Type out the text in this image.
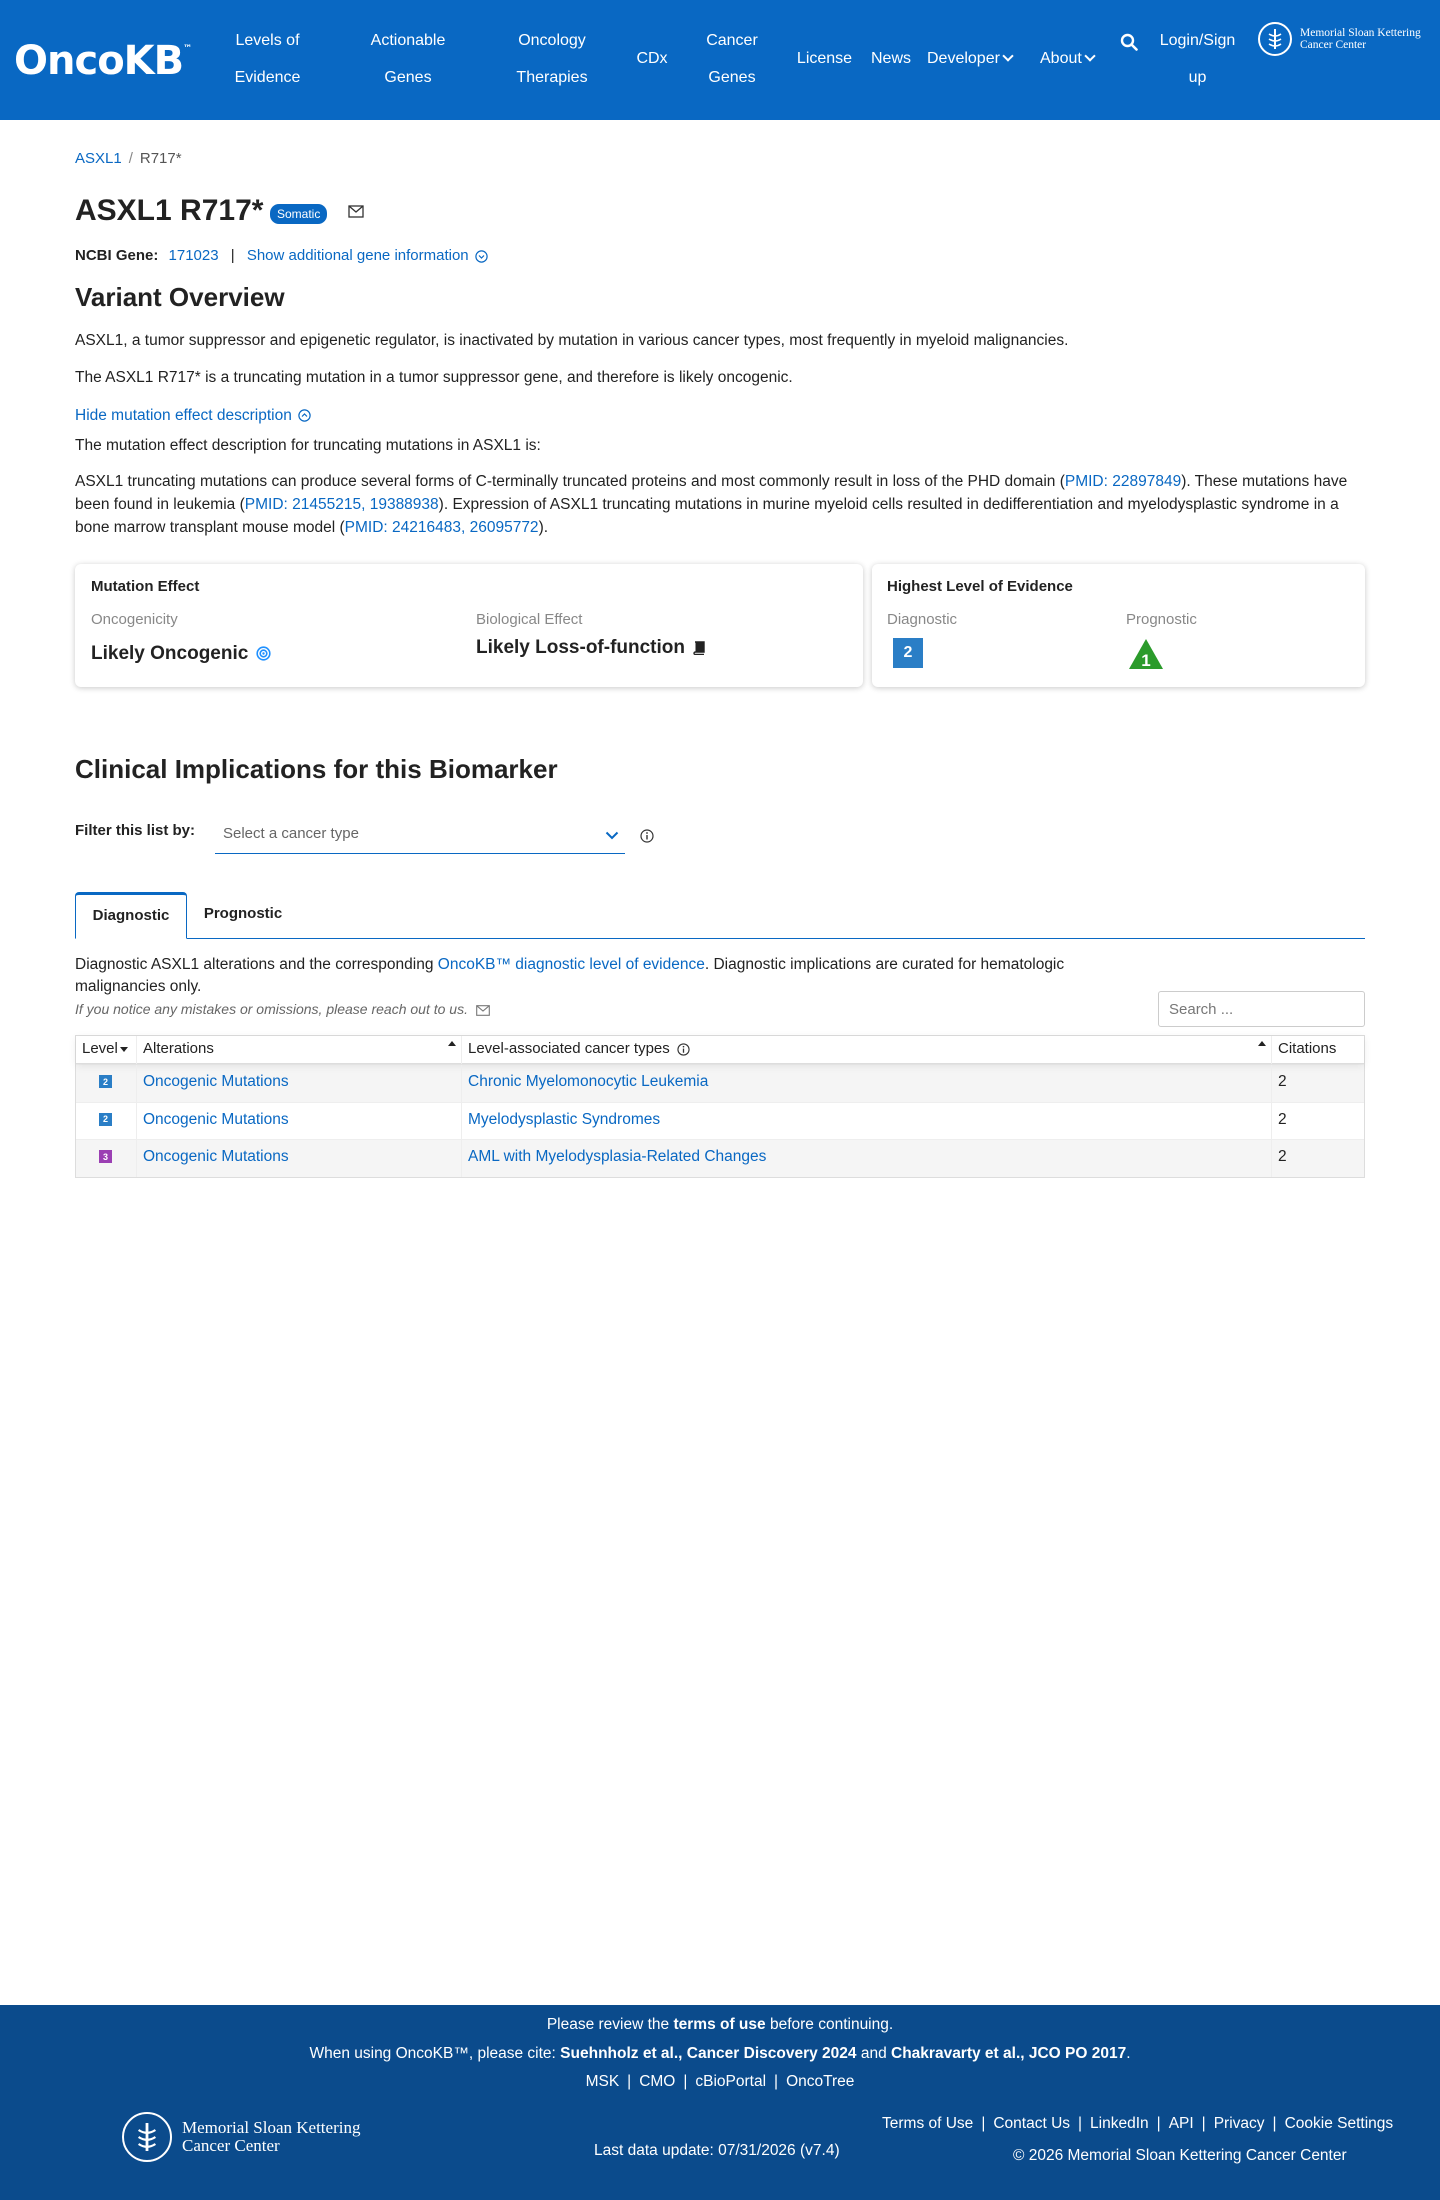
OncoKB™	Levels of
Evidence
Actionable
Genes
Oncology
Therapies
CDx
Cancer
Genes
License	News Developer	About
Login/Sign
up
Memorial Sloan Kettering
Cancer Center
ASXL1 / R717*
ASXL1 R717*	Somatic
NCBI Gene: 171023 | Show additional gene information
Variant Overview
ASXL1, a tumor suppressor and epigenetic regulator, is inactivated by mutation in various cancer types, most frequently in myeloid malignancies.
The ASXL1 R717* is a truncating mutation in a tumor suppressor gene, and therefore is likely oncogenic.
Hide mutation effect description
The mutation effect description for truncating mutations in ASXL1 is:
ASXL1 truncating mutations can produce several forms of C-terminally truncated proteins and most commonly result in loss of the PHD domain (PMID: 22897849). These mutations have been found in leukemia (PMID: 21455215, 19388938). Expression of ASXL1 truncating mutations in murine myeloid cells resulted in dedifferentiation and myelodysplastic syndrome in a bone marrow transplant mouse model (PMID: 24216483, 26095772).
Mutation Effect
Oncogenicity
Likely Oncogenic
Biological Effect
Likely Loss-of-function
Highest Level of Evidence
Diagnostic
2
Prognostic
1
Clinical Implications for this Biomarker
Filter this list by: Select a cancer type
Diagnostic	Prognostic
Diagnostic ASXL1 alterations and the corresponding OncoKB™ diagnostic level of evidence. Diagnostic implications are curated for hematologic malignancies only.
If you notice any mistakes or omissions, please reach out to us.
Search ...
Level	Alterations	Level-associated cancer types	Citations
2	Oncogenic Mutations	Chronic Myelomonocytic Leukemia	2
2	Oncogenic Mutations	Myelodysplastic Syndromes	2
3	Oncogenic Mutations	AML with Myelodysplasia-Related Changes	2
Please review the terms of use before continuing.
When using OncoKB™, please cite: Suehnholz et al., Cancer Discovery 2024 and Chakravarty et al., JCO PO 2017.
MSK | CMO | cBioPortal | OncoTree
Memorial Sloan Kettering
Cancer Center	Last data update: 07/31/2026 (v7.4)
Terms of Use | Contact Us | LinkedIn | API | Privacy | Cookie Settings
© 2026 Memorial Sloan Kettering Cancer Center
